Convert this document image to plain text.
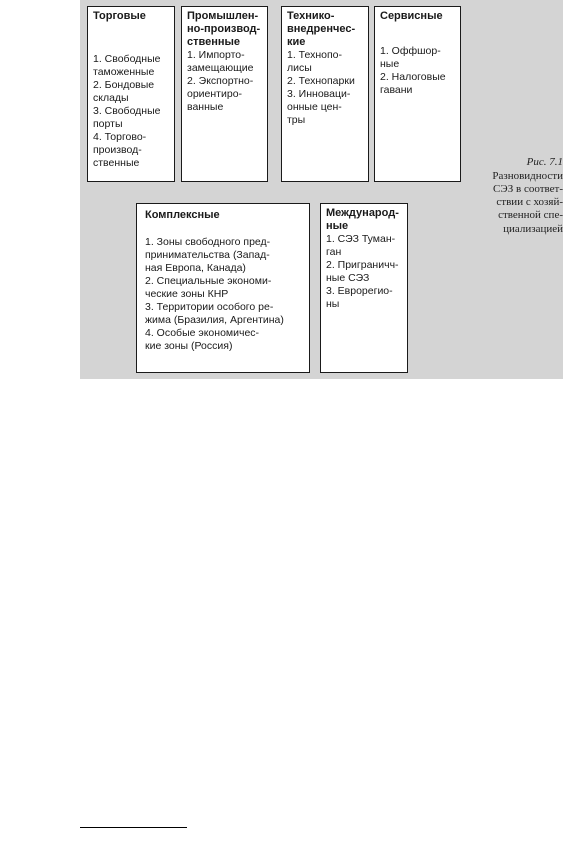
Торговые
1. Свободные
таможенные
2. Бондовые
склады
3. Свободные
порты
4. Торгово-
производ-
ственные
Промышлен-
но-производ-
ственные
1. Импорто-
замещающие
2. Экспортно-
ориентиро-
ванные
Технико-
внедренчес-
кие
1. Технопо-
лисы
2. Технопарки
3. Инноваци-
онные цен-
тры
Сервисные
1. Оффшор-
ные
2. Налоговые
гавани
Комплексные
1. Зоны свободного пред-
принимательства (Запад-
ная Европа, Канада)
2. Специальные экономи-
ческие зоны КНР
3. Территории особого ре-
жима (Бразилия, Аргентина)
4. Особые экономичес-
кие зоны (Россия)
Международ-
ные
1. СЭЗ Туман-
ган
2. Приграничч-
ные СЭЗ
3. Еврорегио-
ны

Рис. 7.1
Разновидности
СЭЗ в соответ-
ствии с хозяй-
ственной спе-
циализацией
